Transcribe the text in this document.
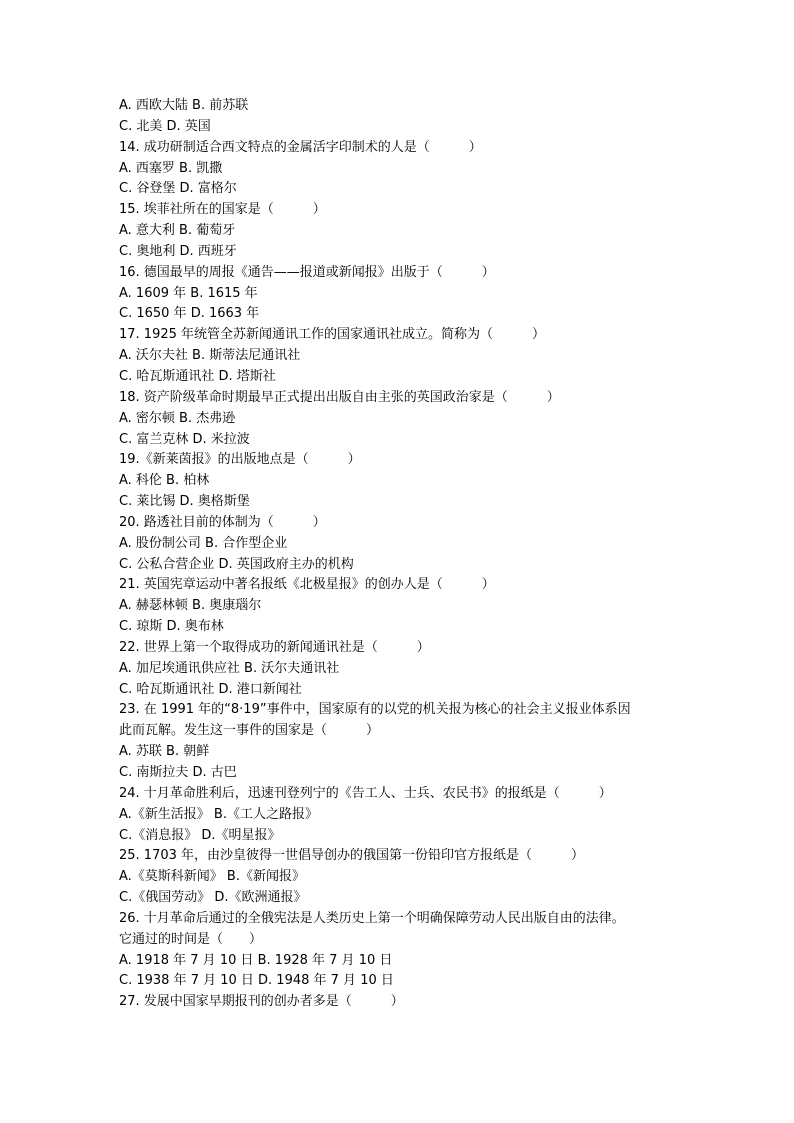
A. 西欧大陆 B. 前苏联
C. 北美 D. 英国
14. 成功研制适合西文特点的金属活字印制术的人是（　　　）
A. 西塞罗 B. 凯撒
C. 谷登堡 D. 富格尔
15. 埃菲社所在的国家是（　　　）
A. 意大利 B. 葡萄牙
C. 奥地利 D. 西班牙
16. 德国最早的周报《通告——报道或新闻报》出版于（　　　）
A. 1609 年 B. 1615 年
C. 1650 年 D. 1663 年
17. 1925 年统管全苏新闻通讯工作的国家通讯社成立。简称为（　　　）
A. 沃尔夫社 B. 斯蒂法尼通讯社
C. 哈瓦斯通讯社 D. 塔斯社
18. 资产阶级革命时期最早正式提出出版自由主张的英国政治家是（　　　）
A. 密尔顿 B. 杰弗逊
C. 富兰克林 D. 米拉波
19.《新莱茵报》的出版地点是（　　　）
A. 科伦 B. 柏林
C. 莱比锡 D. 奥格斯堡
20. 路透社目前的体制为（　　　）
A. 股份制公司 B. 合作型企业
C. 公私合营企业 D. 英国政府主办的机构
21. 英国宪章运动中著名报纸《北极星报》的创办人是（　　　）
A. 赫瑟林顿 B. 奥康瑙尔
C. 琼斯 D. 奥布林
22. 世界上第一个取得成功的新闻通讯社是（　　　）
A. 加尼埃通讯供应社 B. 沃尔夫通讯社
C. 哈瓦斯通讯社 D. 港口新闻社
23. 在 1991 年的“8·19”事件中，国家原有的以党的机关报为核心的社会主义报业体系因
此而瓦解。发生这一事件的国家是（　　　）
A. 苏联 B. 朝鲜
C. 南斯拉夫 D. 古巴
24. 十月革命胜利后，迅速刊登列宁的《告工人、士兵、农民书》的报纸是（　　　）
A.《新生活报》 B.《工人之路报》
C.《消息报》 D.《明星报》
25. 1703 年，由沙皇彼得一世倡导创办的俄国第一份铅印官方报纸是（　　　）
A.《莫斯科新闻》 B.《新闻报》
C.《俄国劳动》 D.《欧洲通报》
26. 十月革命后通过的全俄宪法是人类历史上第一个明确保障劳动人民出版自由的法律。
它通过的时间是（　　）
A. 1918 年 7 月 10 日 B. 1928 年 7 月 10 日
C. 1938 年 7 月 10 日 D. 1948 年 7 月 10 日
27. 发展中国家早期报刊的创办者多是（　　　）
